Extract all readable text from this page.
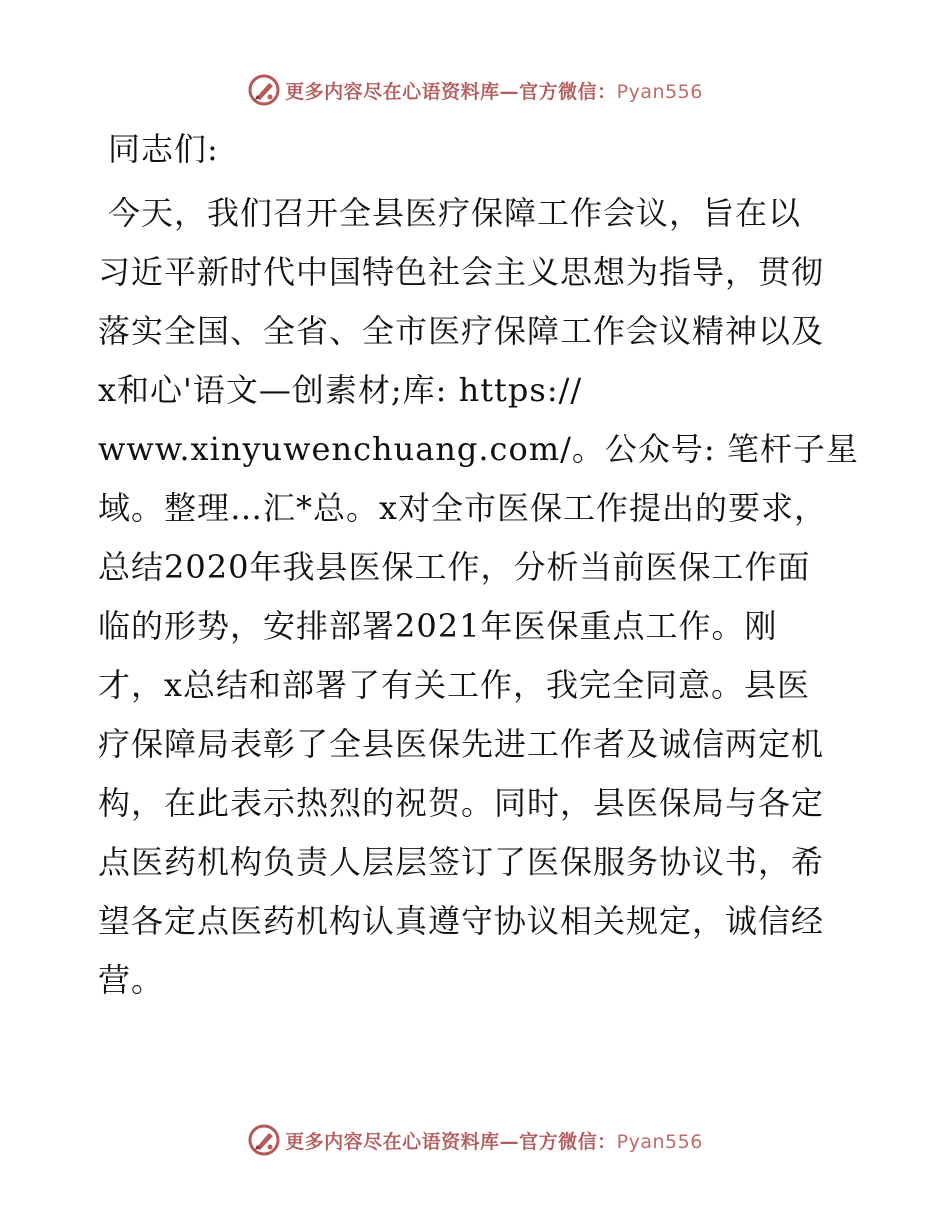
更多内容尽在心语资料库—官方微信：Pyan556
同志们:
今天，我们召开全县医疗保障工作会议，旨在以
习近平新时代中国特色社会主义思想为指导，贯彻
落实全国、全省、全市医疗保障工作会议精神以及
x和心'语文—创素材;库: https://
www.xinyuwenchuang.com/。公众号: 笔杆子星
域。整理…汇*总。x对全市医保工作提出的要求，
总结2020年我县医保工作，分析当前医保工作面
临的形势，安排部署2021年医保重点工作。刚
才，x总结和部署了有关工作，我完全同意。县医
疗保障局表彰了全县医保先进工作者及诚信两定机
构，在此表示热烈的祝贺。同时，县医保局与各定
点医药机构负责人层层签订了医保服务协议书，希
望各定点医药机构认真遵守协议相关规定，诚信经
营。
更多内容尽在心语资料库—官方微信：Pyan556
